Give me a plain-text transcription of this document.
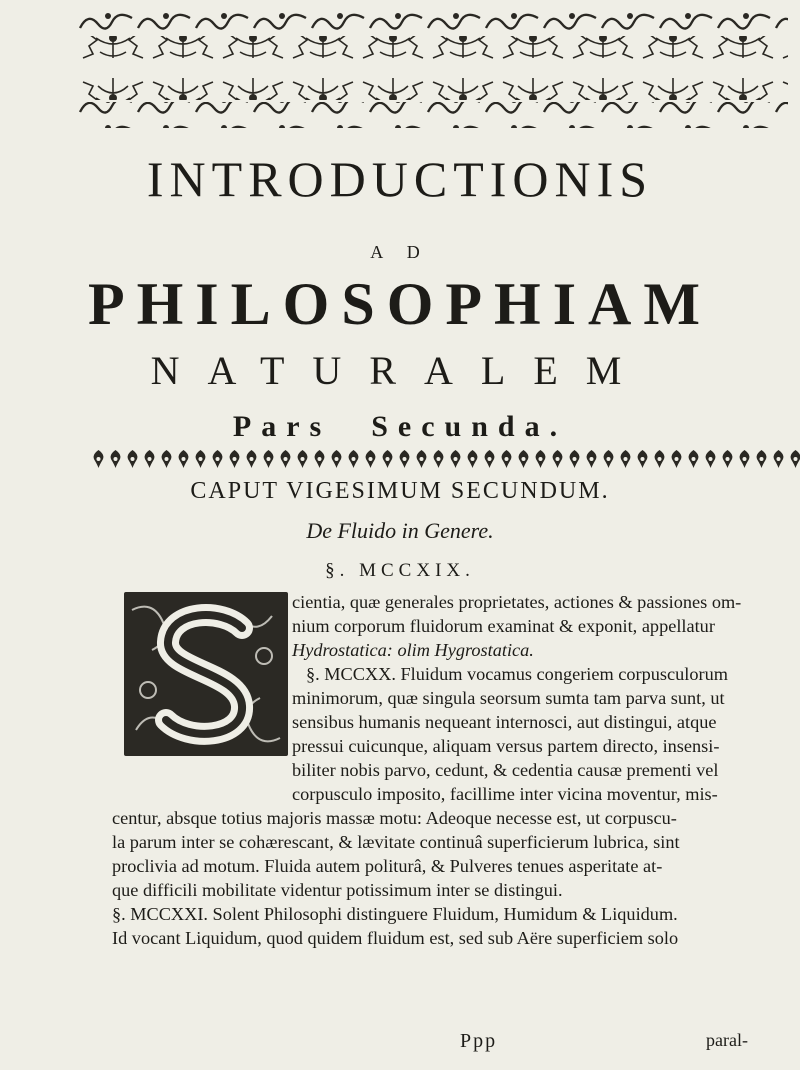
INTRODUCTIONIS
A D
PHILOSOPHIAM
NATURALEM
Pars Secunda.
CAPUT VIGESIMUM SECUNDUM.
De Fluido in Genere.
§. MCCXIX.
cientia, quæ generales proprietates, actiones & passiones om-
nium corporum fluidorum examinat & exponit, appellatur
Hydrostatica: olim Hygrostatica.
§. MCCXX. Fluidum vocamus congeriem corpusculorum
minimorum, quæ singula seorsum sumta tam parva sunt, ut
sensibus humanis nequeant internosci, aut distingui, atque
pressui cuicunque, aliquam versus partem directo, insensi-
biliter nobis parvo, cedunt, & cedentia causæ prementi vel
corpusculo imposito, facillime inter vicina moventur, mis-
centur, absque totius majoris massæ motu: Adeoque necesse est, ut corpuscu-
la parum inter se cohærescant, & lævitate continuâ superficierum lubrica, sint
proclivia ad motum. Fluida autem politurâ, & Pulveres tenues asperitate at-
que difficili mobilitate videntur potissimum inter se distingui.
§. MCCXXI. Solent Philosophi distinguere Fluidum, Humidum & Liquidum.
Id vocant Liquidum, quod quidem fluidum est, sed sub Aëre superficiem solo
Ppp	paral-
